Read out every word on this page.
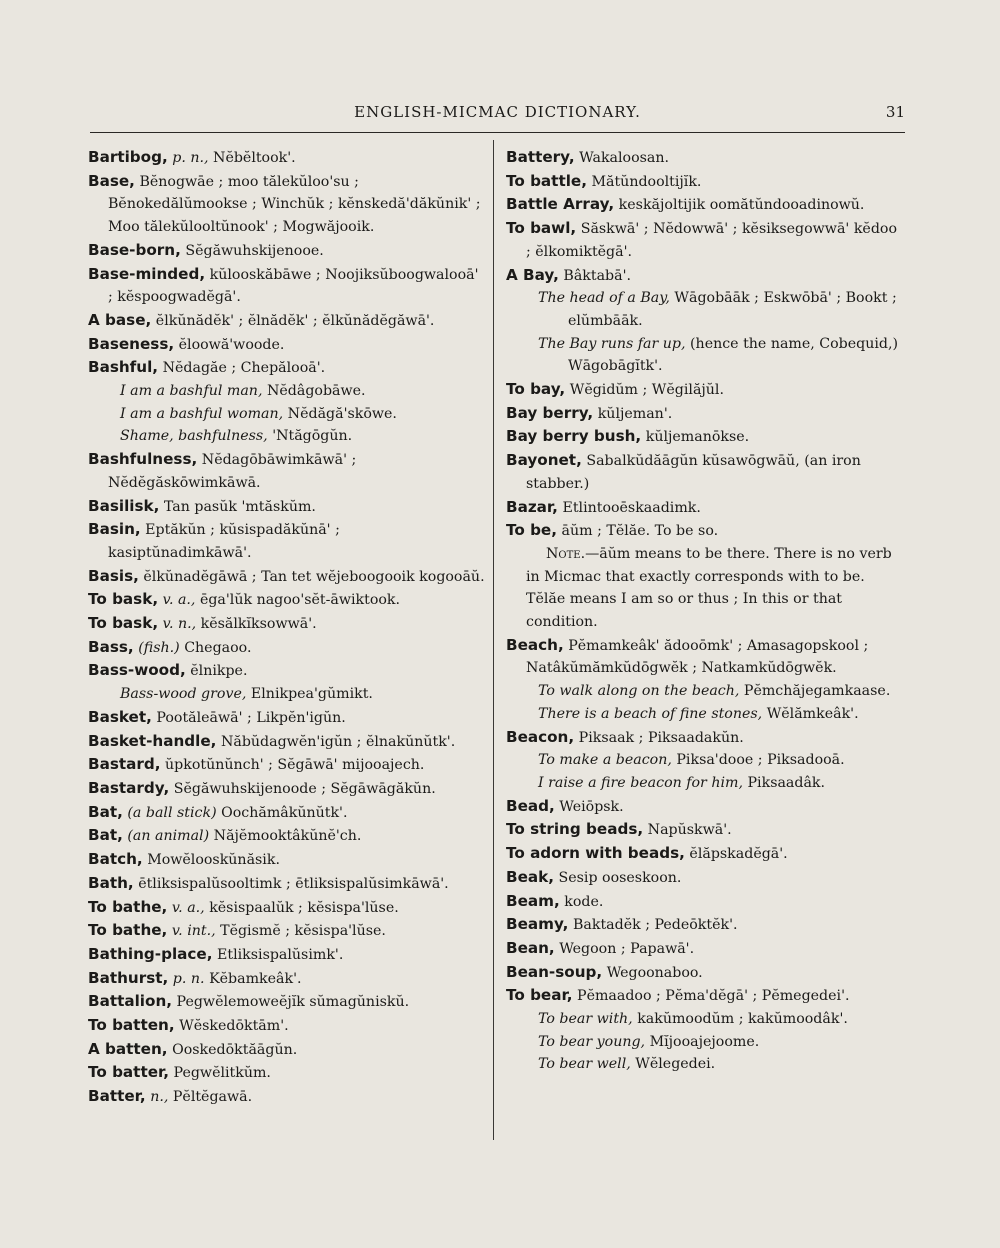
ENGLISH-MICMAC DICTIONARY.	31
Bartibog, p. n., Nĕbĕltook'.
Base, Bĕnogwāe ; moo tălekŭloo'su ; Bĕnokedălŭmookse ; Winchŭk ; kĕnskedă'dăkŭnik' ; Moo tălekŭlooltŭnook' ; Mogwăjooik.
Base-born, Sĕgăwuhskijenooe.
Base-minded, kŭlooskăbāwe ; Noojiksŭboogwalooā' ; kĕspoogwadĕgā'.
A base, ĕlkŭnădĕk' ; ĕlnădĕk' ; ĕlkŭnădĕgăwā'.
Baseness, ĕloowă'woode.
Bashful, Nĕdagăe ; Chepălooā'.
I am a bashful man, Nĕdâgobāwe.
I am a bashful woman, Nĕdăgă'skōwe.
Shame, bashfulness, 'Ntăgōgŭn.
Bashfulness, Nĕdagōbāwimkāwā' ; Nĕdĕgăskōwimkāwā.
Basilisk, Tan pasŭk 'mtăskŭm.
Basin, Eptăkŭn ; kŭsispadăkŭnā' ; kasiptŭnadimkāwā'.
Basis, ĕlkŭnadĕgāwā ; Tan tet wĕjeboogooik kogooāŭ.
To bask, v. a., ēga'lŭk nagoo'sĕt-āwiktook.
To bask, v. n., kĕsălkĭksowwā'.
Bass, (fish.) Chegaoo.
Bass-wood, ĕlnikpe.
Bass-wood grove, Elnikpea'gŭmikt.
Basket, Pootăleāwā' ; Likpĕn'igŭn.
Basket-handle, Năbŭdagwĕn'igŭn ; ĕlnakŭnŭtk'.
Bastard, ŭpkotŭnŭnch' ; Sĕgāwā' mijooajech.
Bastardy, Sĕgăwuhskijenoode ; Sĕgāwāgăkŭn.
Bat, (a ball stick) Oochămâkŭnŭtk'.
Bat, (an animal) Năjĕmooktâkŭnĕ'ch.
Batch, Mowĕlooskŭnăsik.
Bath, ētliksispalŭsooltimk ; ētliksispalŭsimkāwā'.
To bathe, v. a., kĕsispaalŭk ; kĕsispa'lŭse.
To bathe, v. int., Tĕgismĕ ; kĕsispa'lŭse.
Bathing-place, Etliksispalŭsimk'.
Bathurst, p. n. Kĕbamkeâk'.
Battalion, Pegwĕlemoweĕjĭk sŭmagŭniskŭ.
To batten, Wĕskedōktām'.
A batten, Ooskedōktăāgŭn.
To batter, Pegwĕlitkŭm.
Batter, n., Pĕltĕgawā.
Battery, Wakaloosan.
To battle, Mătŭndooltijĭk.
Battle Array, keskăjoltijik oomătŭndooadinowŭ.
To bawl, Săskwā' ; Nĕdowwā' ; kĕsiksegowwā' kĕdoo ; ĕlkomiktĕgā'.
A Bay, Bâktabā'.
The head of a Bay, Wāgobāāk ; Eskwōbā' ; Bookt ; elŭmbāāk.
The Bay runs far up, (hence the name, Cobequid,) Wāgobāgĭtk'.
To bay, Wĕgidŭm ; Wĕgilăjŭl.
Bay berry, kŭljeman'.
Bay berry bush, kŭljemanōkse.
Bayonet, Sabalkŭdăāgŭn kŭsawōgwāŭ, (an iron stabber.)
Bazar, Etlintooēskaadimk.
To be, āŭm ; Tĕlăe. To be so.
Note.—āŭm means to be there. There is no verb in Micmac that exactly corresponds with to be. Tĕlăe means I am so or thus ; In this or that condition.
Beach, Pĕmamkeâk' ădooōmk' ; Amasagopskool ; Natâkŭmămkŭdōgwĕk ; Natkamkŭdōgwĕk.
To walk along on the beach, Pĕmchăjegamkaase.
There is a beach of fine stones, Wĕlămkeâk'.
Beacon, Piksaak ; Piksaadakŭn.
To make a beacon, Piksa'dooe ; Piksadooā.
I raise a fire beacon for him, Piksaadâk.
Bead, Weiōpsk.
To string beads, Napŭskwā'.
To adorn with beads, ĕlăpskadĕgā'.
Beak, Sesip ooseskoon.
Beam, kode.
Beamy, Baktadĕk ; Pedeōktĕk'.
Bean, Wegoon ; Papawā'.
Bean-soup, Wegoonaboo.
To bear, Pĕmaadoo ; Pĕma'dĕgā' ; Pĕmegedei'.
To bear with, kakŭmoodŭm ; kakŭmoodâk'.
To bear young, Mĭjooajejoome.
To bear well, Wĕlegedei.
